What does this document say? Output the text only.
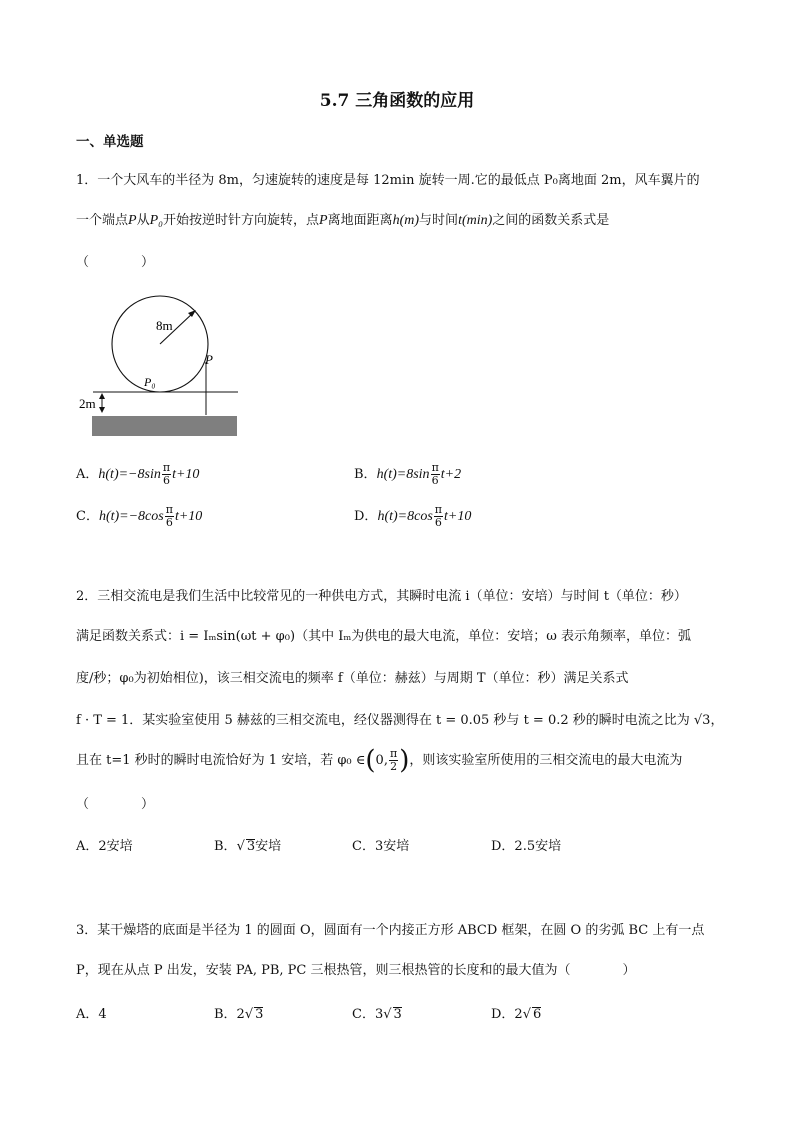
5.7 三角函数的应用
一、单选题
1．一个大风车的半径为 8m，匀速旋转的速度是每 12min 旋转一周.它的最低点 P₀离地面 2m，风车翼片的
一个端点P从P₀开始按逆时针方向旋转，点P离地面距离h(m)与时间t(min)之间的函数关系式是
（　　　　）
8m
P₀
P
2m
A．$h(t)=-8\sin \frac{\pi}{6} t+10$	B．$h(t)=8\sin \frac{\pi}{6} t+2$
C．$h(t)=-8\cos \frac{\pi}{6} t+10$	D．$h(t)=8\cos \frac{\pi}{6} t+10$
2．三相交流电是我们生活中比较常见的一种供电方式，其瞬时电流 i（单位：安培）与时间 t（单位：秒）
满足函数关系式：i = Iₘsin(ωt + φ₀)（其中 Iₘ为供电的最大电流，单位：安培；ω 表示角频率，单位：弧
度/秒；φ₀为初始相位)，该三相交流电的频率 f（单位：赫兹）与周期 T（单位：秒）满足关系式
f · T = 1．某实验室使用 5 赫兹的三相交流电，经仪器测得在 t = 0.05 秒与 t = 0.2 秒的瞬时电流之比为 √3，
且在 t=1 秒时的瞬时电流恰好为 1 安培，若 φ₀ ∈(0, $\frac{\pi}{2}$ )，则该实验室所使用的三相交流电的最大电流为
（　　　　）
A．2安培	B．√ 3安培	C．3安培	D．2.5安培
3．某干燥塔的底面是半径为 1 的圆面 O，圆面有一个内接正方形 ABCD 框架，在圆 O 的劣弧 BC 上有一点
P，现在从点 P 出发，安装 PA, PB, PC 三根热管，则三根热管的长度和的最大值为（　　　　）
A．4	B．2√ 3	C．3√ 3	D．2√ 6
